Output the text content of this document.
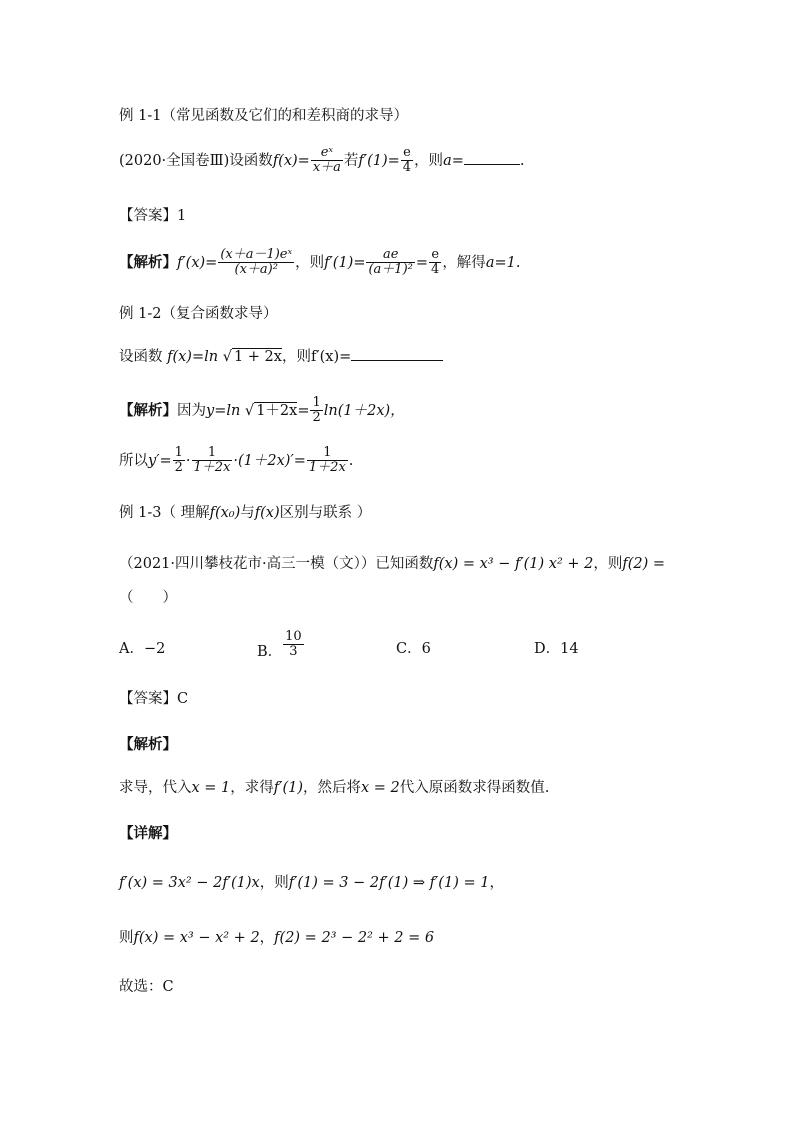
例 1-1（常见函数及它们的和差积商的求导）
(2020·全国卷Ⅲ)设函数$f(x)= \frac{\text{eˣ}}{x+a}$ 若$f'(1)= \frac{e}{4}$ ，则a=	.
【答案】1
【解析】$f'(x)= \frac{\text{(x＋a－1)eˣ}}{\text{(x＋a)²}}$ ，则$f'(1)= \frac{ae}{\text{(a＋1)²}} = \frac{e}{4}$ ，解得a=1.
例 1-2（复合函数求导）
设函数 f(x)=ln √ 1 + 2x，则f′(x)=
【解析】因为y=ln √ $1+2x= \frac{1}{2} \ln(1+2x)$，
所以$y'= \frac{1}{2} \cdot \frac{1}{1+2x} \cdot(1+2x)'= \frac{1}{1+2x}$ .
例 1-3（ 理解f(x₀)与f(x)区别与联系 ）
（2021·四川攀枝花市·高三一模（文））已知函数f(x) = x³ − f′(1) x² + 2，则f(2) =
（　　）
A．−2	B． $\frac{10}{3}$	C．6	D．14
【答案】C
【解析】
求导，代入x = 1，求得f′(1)，然后将x = 2代入原函数求得函数值.
【详解】
f′(x) = 3x² − 2f′(1)x，则f′(1) = 3 − 2f′(1) ⇒ f′(1) = 1，
则f(x) = x³ − x² + 2，f(2) = 2³ − 2² + 2 = 6
故选：C
